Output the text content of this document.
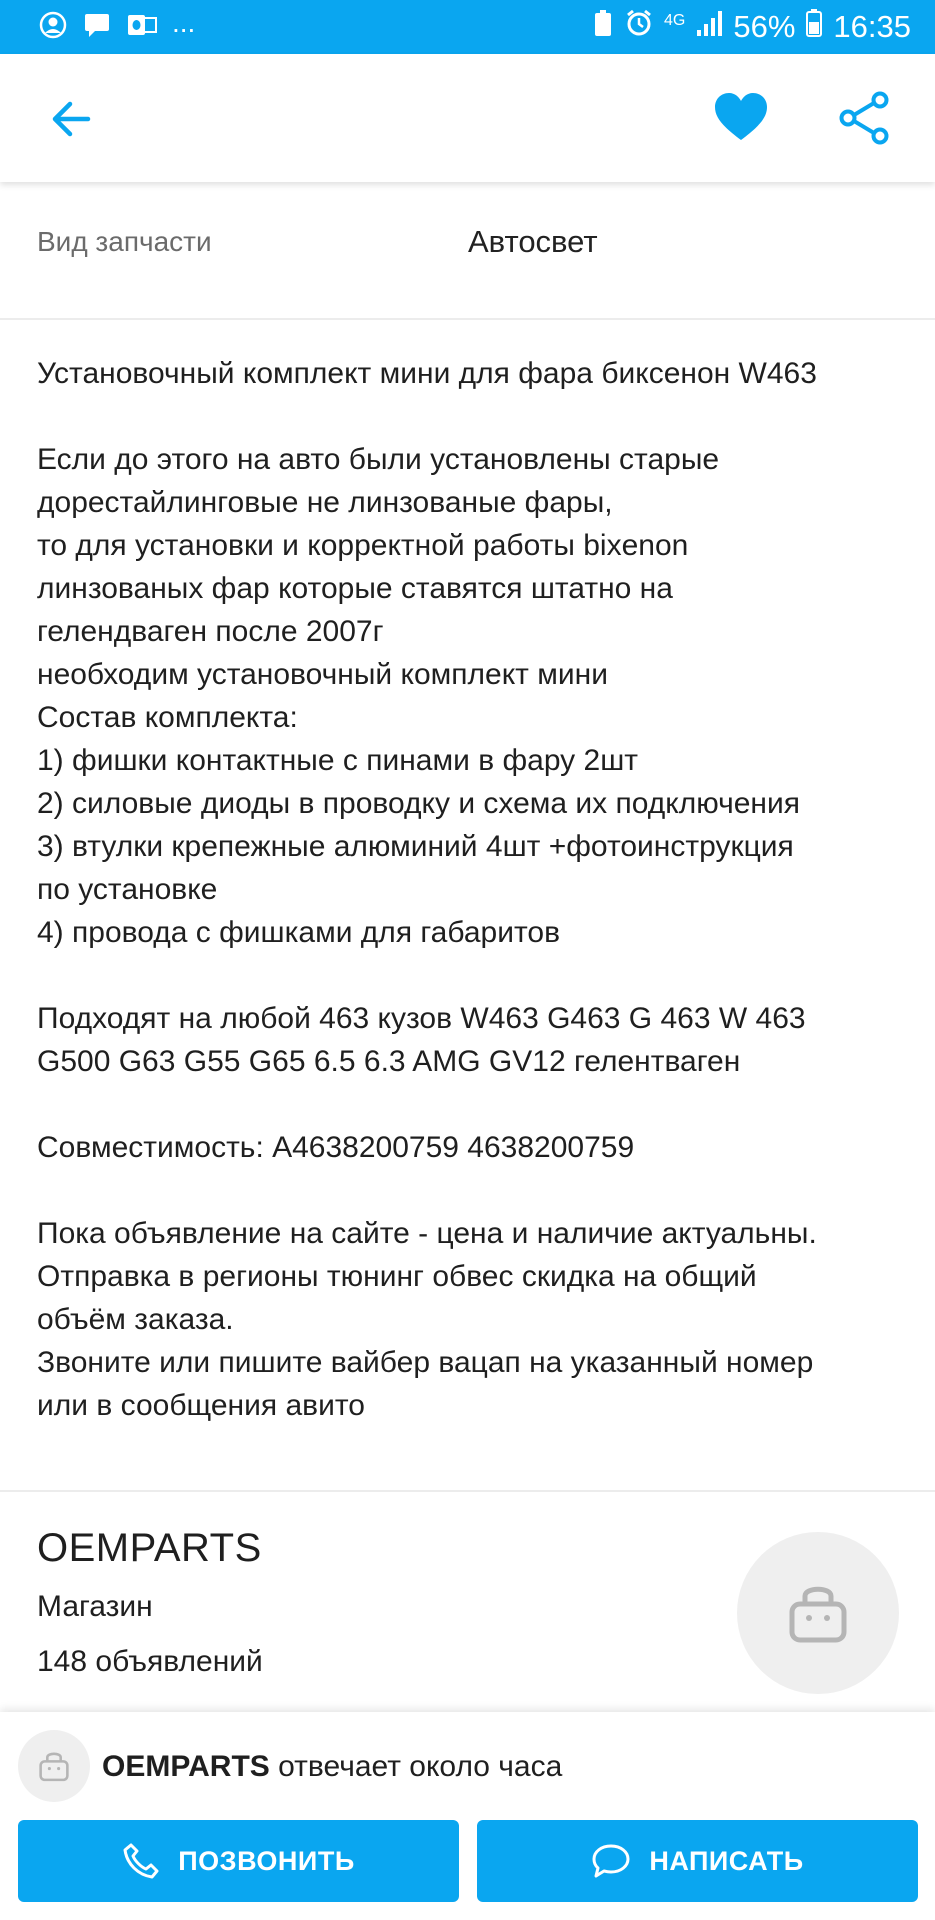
...	4G 56% 16:35
Вид запчасти	Автосвет

Установочный комплект мини для фара биксенон W463

Если до этого на авто были установлены старые

дорестайлинговые не линзованые фары,

то для установки и корректной работы bixenon

линзованых фар которые ставятся штатно на

гелендваген после 2007г

необходим установочный комплект мини

Состав комплекта:

1) фишки контактные с пинами в фару 2шт

2) силовые диоды в проводку и схема их подключения

3) втулки крепежные алюминий 4шт +фотоинструкция

по установке

4) провода с фишками для габаритов

Подходят на любой 463 кузов W463 G463 G 463 W 463

G500 G63 G55 G65 6.5 6.3 AMG GV12 гелентваген

Совместимость: A4638200759 4638200759

Пока объявление на сайте - цена и наличие актуальны.

Отправка в регионы тюнинг обвес скидка на общий

объём заказа.

Звоните или пишите вайбер вацап на указанный номер

или в сообщения авито

OEMPARTS
Магазин
148 объявлений
OEMPARTS отвечает около часа
ПОЗВОНИТЬ	НАПИСАТЬ
